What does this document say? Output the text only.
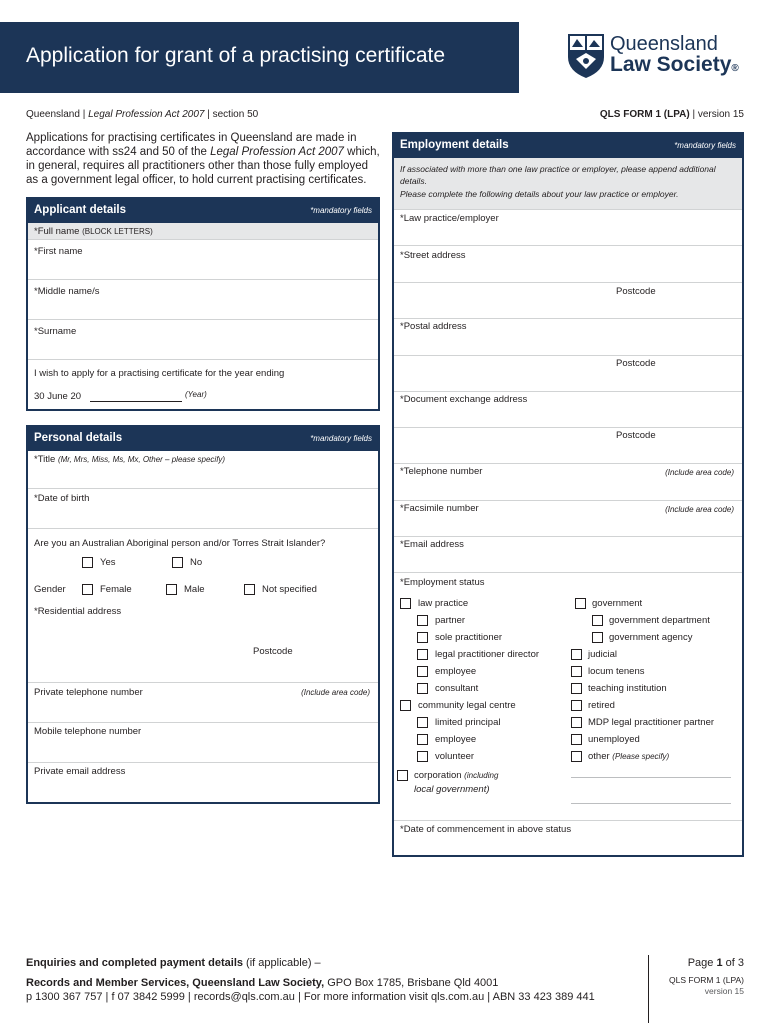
Application for grant of a practising certificate	Queensland
Law Society®
Queensland | Legal Profession Act 2007 | section 50	QLS FORM 1 (LPA) | version 15
Applications for practising certificates in Queensland are made in accordance with ss24 and 50 of the Legal Profession Act 2007 which, in general, requires all practitioners other than those fully employed as a government legal officer, to hold current practising certificates.
Applicant details	*mandatory fields
*Full name (BLOCK LETTERS)
*First name
*Middle name/s
*Surname
I wish to apply for a practising certificate for the year ending
30 June 20	(Year)
Personal details	*mandatory fields
*Title (Mr, Mrs, Miss, Ms, Mx, Other – please specify)
*Date of birth
Are you an Australian Aboriginal person and/or Torres Strait Islander?
Yes	No
Gender	Female	Male	Not specified
*Residential address
Postcode
Private telephone number	(Include area code)
Mobile telephone number
Private email address
Employment details	*mandatory fields
If associated with more than one law practice or employer, please append additional details.
Please complete the following details about your law practice or employer.
*Law practice/employer
*Street address
Postcode
*Postal address
Postcode
*Document exchange address
Postcode
*Telephone number	(Include area code)
*Facsimile number	(Include area code)
*Email address
*Employment status
law practice
partner
sole practitioner
legal practitioner director
employee
consultant
community legal centre
limited principal
employee
volunteer
corporation (including
local government)
government
government department
government agency
judicial
locum tenens
teaching institution
retired
MDP legal practitioner partner
unemployed
other (Please specify)
*Date of commencement in above status
Enquiries and completed payment details (if applicable) –
Records and Member Services, Queensland Law Society, GPO Box 1785, Brisbane Qld 4001
p 1300 367 757 | f 07 3842 5999 | records@qls.com.au | For more information visit qls.com.au | ABN 33 423 389 441
Page 1 of 3
QLS FORM 1 (LPA)
version 15
